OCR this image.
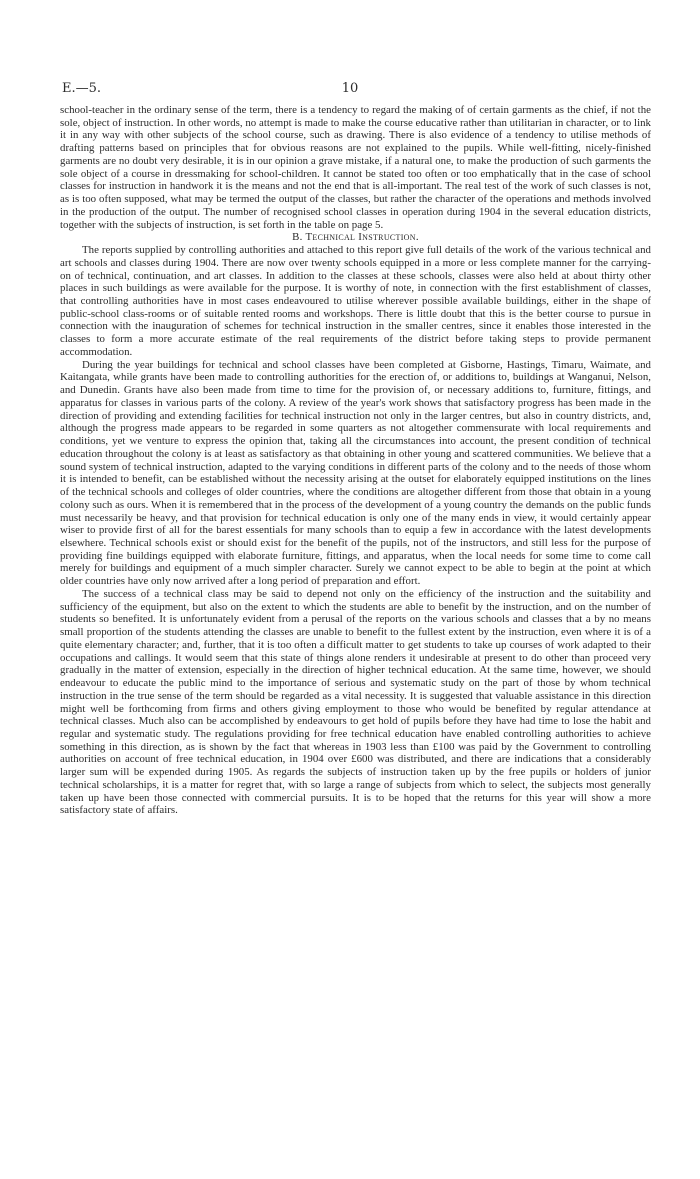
E.—5.	10

school-teacher in the ordinary sense of the term, there is a tendency to regard the making of of certain garments as the chief, if not the sole, object of instruction. In other words, no attempt is made to make the course educative rather than utilitarian in character, or to link it in any way with other subjects of the school course, such as drawing. There is also evidence of a tendency to utilise methods of drafting patterns based on principles that for obvious reasons are not explained to the pupils. While well-fitting, nicely-finished garments are no doubt very desirable, it is in our opinion a grave mistake, if a natural one, to make the production of such garments the sole object of a course in dressmaking for school-children. It cannot be stated too often or too emphatically that in the case of school classes for instruction in handwork it is the means and not the end that is all-important. The real test of the work of such classes is not, as is too often supposed, what may be termed the output of the classes, but rather the character of the operations and methods involved in the production of the output. The number of recognised school classes in operation during 1904 in the several education districts, together with the subjects of instruction, is set forth in the table on page 5.

B. Technical Instruction.

The reports supplied by controlling authorities and attached to this report give full details of the work of the various technical and art schools and classes during 1904. There are now over twenty schools equipped in a more or less complete manner for the carrying-on of technical, continuation, and art classes. In addition to the classes at these schools, classes were also held at about thirty other places in such buildings as were available for the purpose. It is worthy of note, in connection with the first establishment of classes, that controlling authorities have in most cases endeavoured to utilise wherever possible available buildings, either in the shape of public-school class-rooms or of suitable rented rooms and workshops. There is little doubt that this is the better course to pursue in connection with the inauguration of schemes for technical instruction in the smaller centres, since it enables those interested in the classes to form a more accurate estimate of the real requirements of the district before taking steps to provide permanent accommodation.

During the year buildings for technical and school classes have been completed at Gisborne, Hastings, Timaru, Waimate, and Kaitangata, while grants have been made to controlling authorities for the erection of, or additions to, buildings at Wanganui, Nelson, and Dunedin. Grants have also been made from time to time for the provision of, or necessary additions to, furniture, fittings, and apparatus for classes in various parts of the colony. A review of the year's work shows that satisfactory progress has been made in the direction of providing and extending facilities for technical instruction not only in the larger centres, but also in country districts, and, although the progress made appears to be regarded in some quarters as not altogether commensurate with local requirements and conditions, yet we venture to express the opinion that, taking all the circumstances into account, the present condition of technical education throughout the colony is at least as satisfactory as that obtaining in other young and scattered communities. We believe that a sound system of technical instruction, adapted to the varying conditions in different parts of the colony and to the needs of those whom it is intended to benefit, can be established without the necessity arising at the outset for elaborately equipped institutions on the lines of the technical schools and colleges of older countries, where the conditions are altogether different from those that obtain in a young colony such as ours. When it is remembered that in the process of the development of a young country the demands on the public funds must necessarily be heavy, and that provision for technical education is only one of the many ends in view, it would certainly appear wiser to provide first of all for the barest essentials for many schools than to equip a few in accordance with the latest developments elsewhere. Technical schools exist or should exist for the benefit of the pupils, not of the instructors, and still less for the purpose of providing fine buildings equipped with elaborate furniture, fittings, and apparatus, when the local needs for some time to come call merely for buildings and equipment of a much simpler character. Surely we cannot expect to be able to begin at the point at which older countries have only now arrived after a long period of preparation and effort.

The success of a technical class may be said to depend not only on the efficiency of the instruction and the suitability and sufficiency of the equipment, but also on the extent to which the students are able to benefit by the instruction, and on the number of students so benefited. It is unfortunately evident from a perusal of the reports on the various schools and classes that a by no means small proportion of the students attending the classes are unable to benefit to the fullest extent by the instruction, even where it is of a quite elementary character; and, further, that it is too often a difficult matter to get students to take up courses of work adapted to their occupations and callings. It would seem that this state of things alone renders it undesirable at present to do other than proceed very gradually in the matter of extension, especially in the direction of higher technical education. At the same time, however, we should endeavour to educate the public mind to the importance of serious and systematic study on the part of those by whom technical instruction in the true sense of the term should be regarded as a vital necessity. It is suggested that valuable assistance in this direction might well be forthcoming from firms and others giving employment to those who would be benefited by regular attendance at technical classes. Much also can be accomplished by endeavours to get hold of pupils before they have had time to lose the habit and regular and systematic study. The regulations providing for free technical education have enabled controlling authorities to achieve something in this direction, as is shown by the fact that whereas in 1903 less than £100 was paid by the Government to controlling authorities on account of free technical education, in 1904 over £600 was distributed, and there are indications that a considerably larger sum will be expended during 1905. As regards the subjects of instruction taken up by the free pupils or holders of junior technical scholarships, it is a matter for regret that, with so large a range of subjects from which to select, the subjects most generally taken up have been those connected with commercial pursuits. It is to be hoped that the returns for this year will show a more satisfactory state of affairs.
